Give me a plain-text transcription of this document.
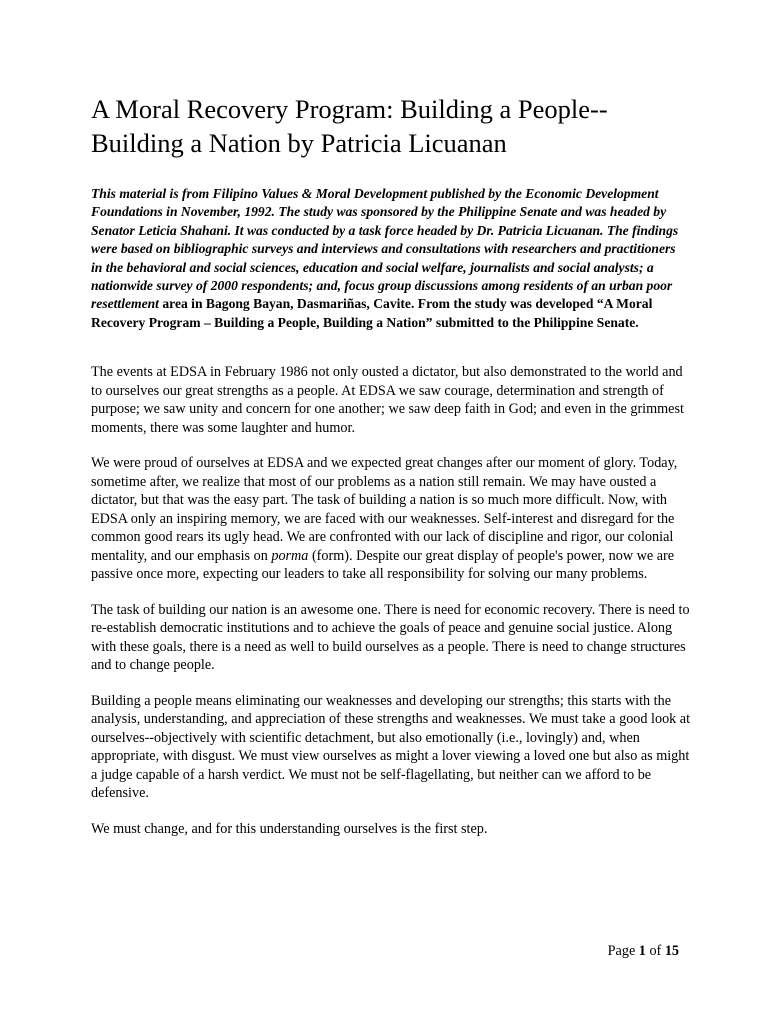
A Moral Recovery Program: Building a People--Building a Nation by Patricia Licuanan

This material is from Filipino Values & Moral Development published by the Economic Development Foundations in November, 1992. The study was sponsored by the Philippine Senate and was headed by Senator Leticia Shahani. It was conducted by a task force headed by Dr. Patricia Licuanan. The findings were based on bibliographic surveys and interviews and consultations with researchers and practitioners in the behavioral and social sciences, education and social welfare, journalists and social analysts; a nationwide survey of 2000 respondents; and, focus group discussions among residents of an urban poor resettlement area in Bagong Bayan, Dasmariñas, Cavite. From the study was developed “A Moral Recovery Program – Building a People, Building a Nation” submitted to the Philippine Senate.

The events at EDSA in February 1986 not only ousted a dictator, but also demonstrated to the world and to ourselves our great strengths as a people. At EDSA we saw courage, determination and strength of purpose; we saw unity and concern for one another; we saw deep faith in God; and even in the grimmest moments, there was some laughter and humor.

We were proud of ourselves at EDSA and we expected great changes after our moment of glory. Today, sometime after, we realize that most of our problems as a nation still remain. We may have ousted a dictator, but that was the easy part. The task of building a nation is so much more difficult. Now, with EDSA only an inspiring memory, we are faced with our weaknesses. Self-interest and disregard for the common good rears its ugly head. We are confronted with our lack of discipline and rigor, our colonial mentality, and our emphasis on porma (form). Despite our great display of people's power, now we are passive once more, expecting our leaders to take all responsibility for solving our many problems.

The task of building our nation is an awesome one. There is need for economic recovery. There is need to re-establish democratic institutions and to achieve the goals of peace and genuine social justice. Along with these goals, there is a need as well to build ourselves as a people. There is need to change structures and to change people.

Building a people means eliminating our weaknesses and developing our strengths; this starts with the analysis, understanding, and appreciation of these strengths and weaknesses. We must take a good look at ourselves--objectively with scientific detachment, but also emotionally (i.e., lovingly) and, when appropriate, with disgust. We must view ourselves as might a lover viewing a loved one but also as might a judge capable of a harsh verdict. We must not be self-flagellating, but neither can we afford to be defensive.

We must change, and for this understanding ourselves is the first step.

Page 1 of 15
